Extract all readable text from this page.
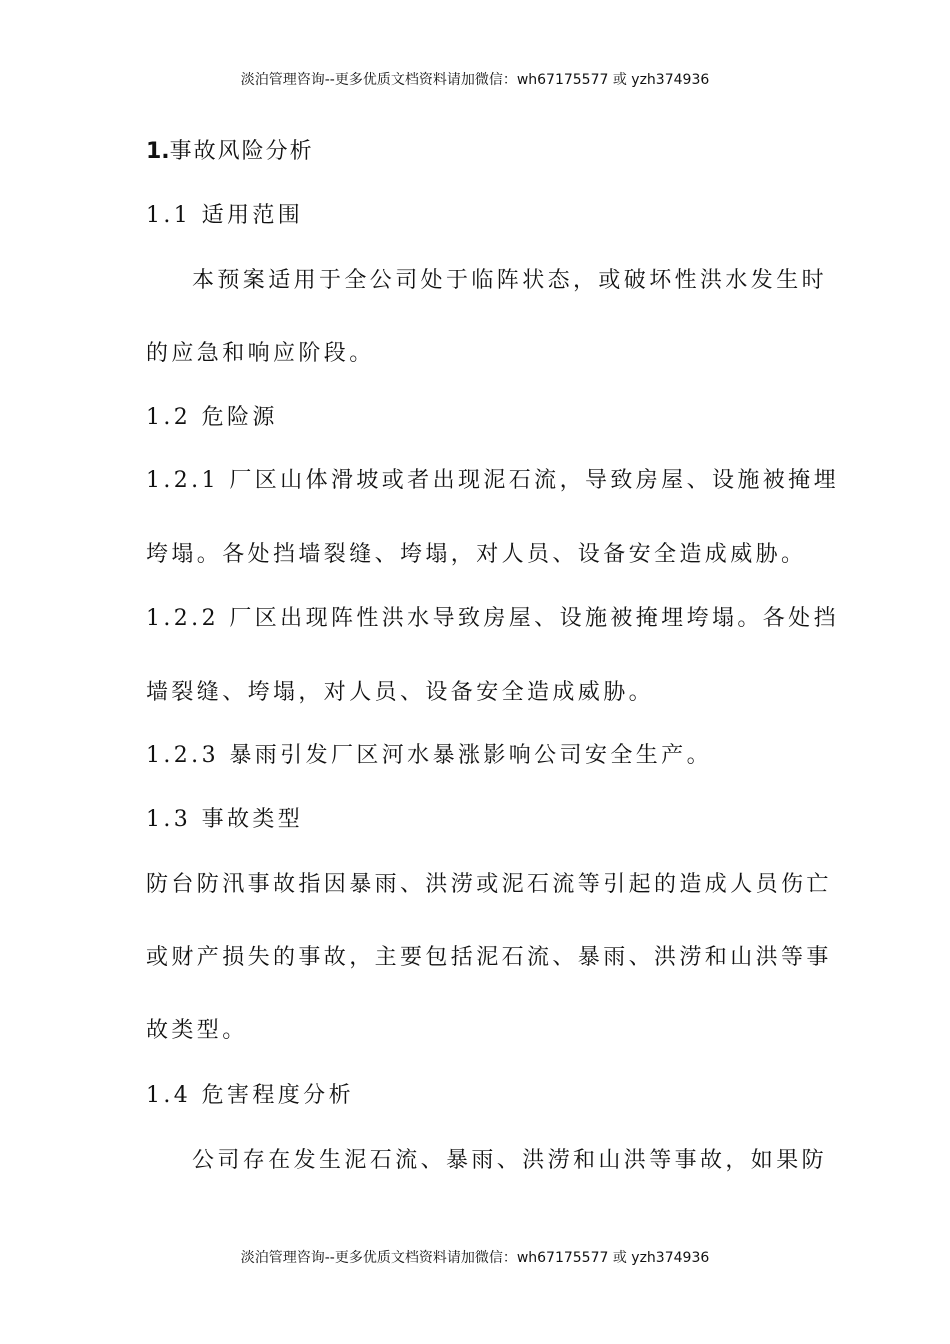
淡泊管理咨询--更多优质文档资料请加微信：wh67175577 或 yzh374936
1.事故风险分析
1.1 适用范围
本预案适用于全公司处于临阵状态，或破坏性洪水发生时
的应急和响应阶段。
1.2 危险源
1.2.1 厂区山体滑坡或者出现泥石流，导致房屋、设施被掩埋
垮塌。各处挡墙裂缝、垮塌，对人员、设备安全造成威胁。
1.2.2 厂区出现阵性洪水导致房屋、设施被掩埋垮塌。各处挡
墙裂缝、垮塌，对人员、设备安全造成威胁。
1.2.3 暴雨引发厂区河水暴涨影响公司安全生产。
1.3 事故类型
防台防汛事故指因暴雨、洪涝或泥石流等引起的造成人员伤亡
或财产损失的事故，主要包括泥石流、暴雨、洪涝和山洪等事
故类型。
1.4 危害程度分析
公司存在发生泥石流、暴雨、洪涝和山洪等事故，如果防
淡泊管理咨询--更多优质文档资料请加微信：wh67175577 或 yzh374936
